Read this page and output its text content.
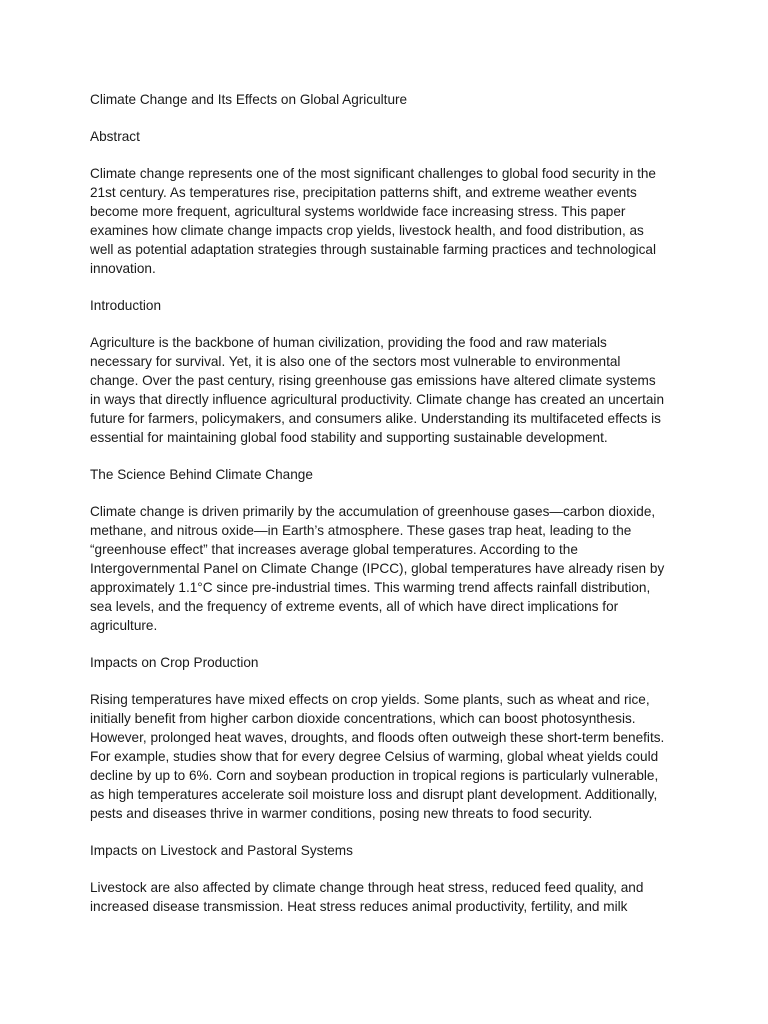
Climate Change and Its Effects on Global Agriculture

Abstract

Climate change represents one of the most significant challenges to global food security in the
21st century. As temperatures rise, precipitation patterns shift, and extreme weather events
become more frequent, agricultural systems worldwide face increasing stress. This paper
examines how climate change impacts crop yields, livestock health, and food distribution, as
well as potential adaptation strategies through sustainable farming practices and technological
innovation.

Introduction

Agriculture is the backbone of human civilization, providing the food and raw materials
necessary for survival. Yet, it is also one of the sectors most vulnerable to environmental
change. Over the past century, rising greenhouse gas emissions have altered climate systems
in ways that directly influence agricultural productivity. Climate change has created an uncertain
future for farmers, policymakers, and consumers alike. Understanding its multifaceted effects is
essential for maintaining global food stability and supporting sustainable development.

The Science Behind Climate Change

Climate change is driven primarily by the accumulation of greenhouse gases—carbon dioxide,
methane, and nitrous oxide—in Earth’s atmosphere. These gases trap heat, leading to the
“greenhouse effect” that increases average global temperatures. According to the
Intergovernmental Panel on Climate Change (IPCC), global temperatures have already risen by
approximately 1.1°C since pre-industrial times. This warming trend affects rainfall distribution,
sea levels, and the frequency of extreme events, all of which have direct implications for
agriculture.

Impacts on Crop Production

Rising temperatures have mixed effects on crop yields. Some plants, such as wheat and rice,
initially benefit from higher carbon dioxide concentrations, which can boost photosynthesis.
However, prolonged heat waves, droughts, and floods often outweigh these short-term benefits.
For example, studies show that for every degree Celsius of warming, global wheat yields could
decline by up to 6%. Corn and soybean production in tropical regions is particularly vulnerable,
as high temperatures accelerate soil moisture loss and disrupt plant development. Additionally,
pests and diseases thrive in warmer conditions, posing new threats to food security.

Impacts on Livestock and Pastoral Systems

Livestock are also affected by climate change through heat stress, reduced feed quality, and
increased disease transmission. Heat stress reduces animal productivity, fertility, and milk
